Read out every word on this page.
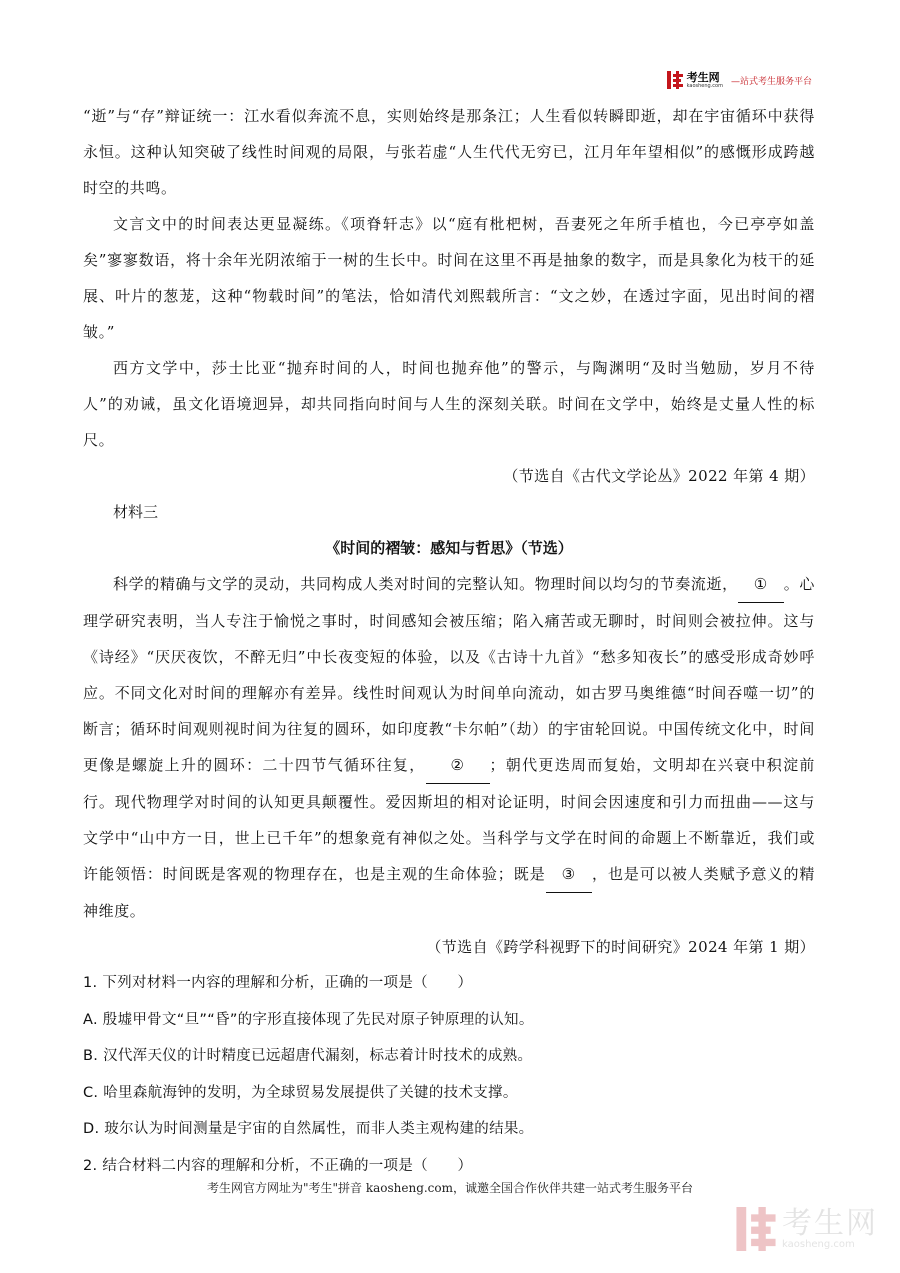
考生网
kaosheng.com —站式考生服务平台

“逝”与“存”辩证统一：江水看似奔流不息，实则始终是那条江；人生看似转瞬即逝，却在宇宙循环中获得永恒。这种认知突破了线性时间观的局限，与张若虚“人生代代无穷已，江月年年望相似”的感慨形成跨越时空的共鸣。

文言文中的时间表达更显凝练。《项脊轩志》以“庭有枇杷树，吾妻死之年所手植也，今已亭亭如盖矣”寥寥数语，将十余年光阴浓缩于一树的生长中。时间在这里不再是抽象的数字，而是具象化为枝干的延展、叶片的葱茏，这种“物载时间”的笔法，恰如清代刘熙载所言：“文之妙，在透过字面，见出时间的褶皱。”

西方文学中，莎士比亚“抛弃时间的人，时间也抛弃他”的警示，与陶渊明“及时当勉励，岁月不待人”的劝诫，虽文化语境迥异，却共同指向时间与人生的深刻关联。时间在文学中，始终是丈量人性的标尺。

（节选自《古代文学论丛》2022 年第 4 期）

材料三

《时间的褶皱：感知与哲思》（节选）

科学的精确与文学的灵动，共同构成人类对时间的完整认知。物理时间以均匀的节奏流逝， ① 。心理学研究表明，当人专注于愉悦之事时，时间感知会被压缩；陷入痛苦或无聊时，时间则会被拉伸。这与《诗经》“厌厌夜饮，不醉无归”中长夜变短的体验，以及《古诗十九首》“愁多知夜长”的感受形成奇妙呼应。不同文化对时间的理解亦有差异。线性时间观认为时间单向流动，如古罗马奥维德“时间吞噬一切”的断言；循环时间观则视时间为往复的圆环，如印度教“卡尔帕”（劫）的宇宙轮回说。中国传统文化中，时间更像是螺旋上升的圆环：二十四节气循环往复， ② ；朝代更迭周而复始，文明却在兴衰中积淀前行。现代物理学对时间的认知更具颠覆性。爱因斯坦的相对论证明，时间会因速度和引力而扭曲——这与文学中“山中方一日，世上已千年”的想象竟有神似之处。当科学与文学在时间的命题上不断靠近，我们或许能领悟：时间既是客观的物理存在，也是主观的生命体验；既是 ③ ，也是可以被人类赋予意义的精神维度。

（节选自《跨学科视野下的时间研究》2024 年第 1 期）

1. 下列对材料一内容的理解和分析，正确的一项是（　　）

A. 殷墟甲骨文“旦”“昏”的字形直接体现了先民对原子钟原理的认知。

B. 汉代浑天仪的计时精度已远超唐代漏刻，标志着计时技术的成熟。

C. 哈里森航海钟的发明，为全球贸易发展提供了关键的技术支撑。

D. 玻尔认为时间测量是宇宙的自然属性，而非人类主观构建的结果。

2. 结合材料二内容的理解和分析，不正确的一项是（　　）

考生网官方网址为"考生"拼音 kaosheng.com，诚邀全国合作伙伴共建一站式考生服务平台
考生网
kaosheng.com
